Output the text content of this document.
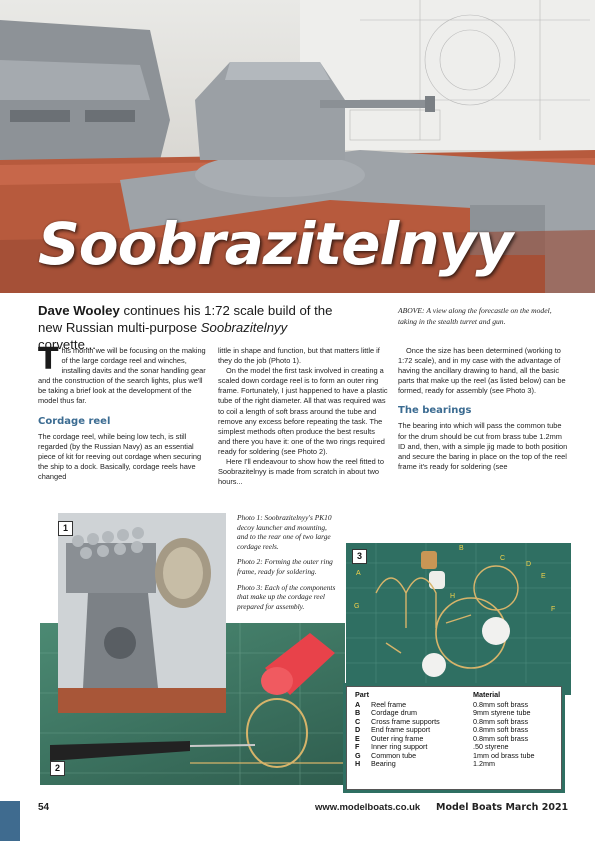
Soobrazitelnyy
Dave Wooley continues his 1:72 scale build of the new Russian multi-purpose Soobrazitelnyy corvette...
ABOVE: A view along the forecastle on the model, taking in the stealth turret and gun.

This month we will be focusing on the making of the large cordage reel and winches, installing davits and the sonar handling gear and the construction of the search lights, plus we'll be taking a brief look at the development of the model thus far.

Cordage reel

The cordage reel, while being low tech, is still regarded (by the Russian Navy) as an essential piece of kit for reeving out cordage when securing the ship to a dock. Basically, cordage reels have changed

little in shape and function, but that matters little if they do the job (Photo 1).

On the model the first task involved in creating a scaled down cordage reel is to form an outer ring frame. Fortunately, I just happened to have a plastic tube of the right diameter. All that was required was to coil a length of soft brass around the tube and remove any excess before repeating the task. The simplest methods often produce the best results and there you have it: one of the two rings required ready for soldering (see Photo 2).

Here I'll endeavour to show how the reel fitted to Soobrazitelnyy is made from scratch in about two hours...

Once the size has been determined (working to 1:72 scale), and in my case with the advantage of having the ancillary drawing to hand, all the basic parts that make up the reel (as listed below) can be formed, ready for assembly (see Photo 3).

The bearings

The bearing into which will pass the common tube for the drum should be cut from brass tube 1.2mm ID and, then, with a simple jig made to both position and secure the baring in place on the top of the reel frame it's ready for soldering (see

2
1

Photo 1: Soobrazitelnyy's PK10 decoy launcher and mounting, and to the rear one of two large cordage reels.

Photo 2: Forming the outer ring frame, ready for soldering.

Photo 3: Each of the components that make up the cordage reel prepared for assembly.

3
A
B
C
D
E
F
G
H
Part	Material
A	Reel frame	0.8mm soft brass
B	Cordage drum	9mm styrene tube
C	Cross frame supports	0.8mm soft brass
D	End frame support	0.8mm soft brass
E	Outer ring frame	0.8mm soft brass
F	Inner ring support	.50 styrene
G	Common tube	1mm od brass tube
H	Bearing	1.2mm
54	www.modelboats.co.uk Model Boats March 2021
